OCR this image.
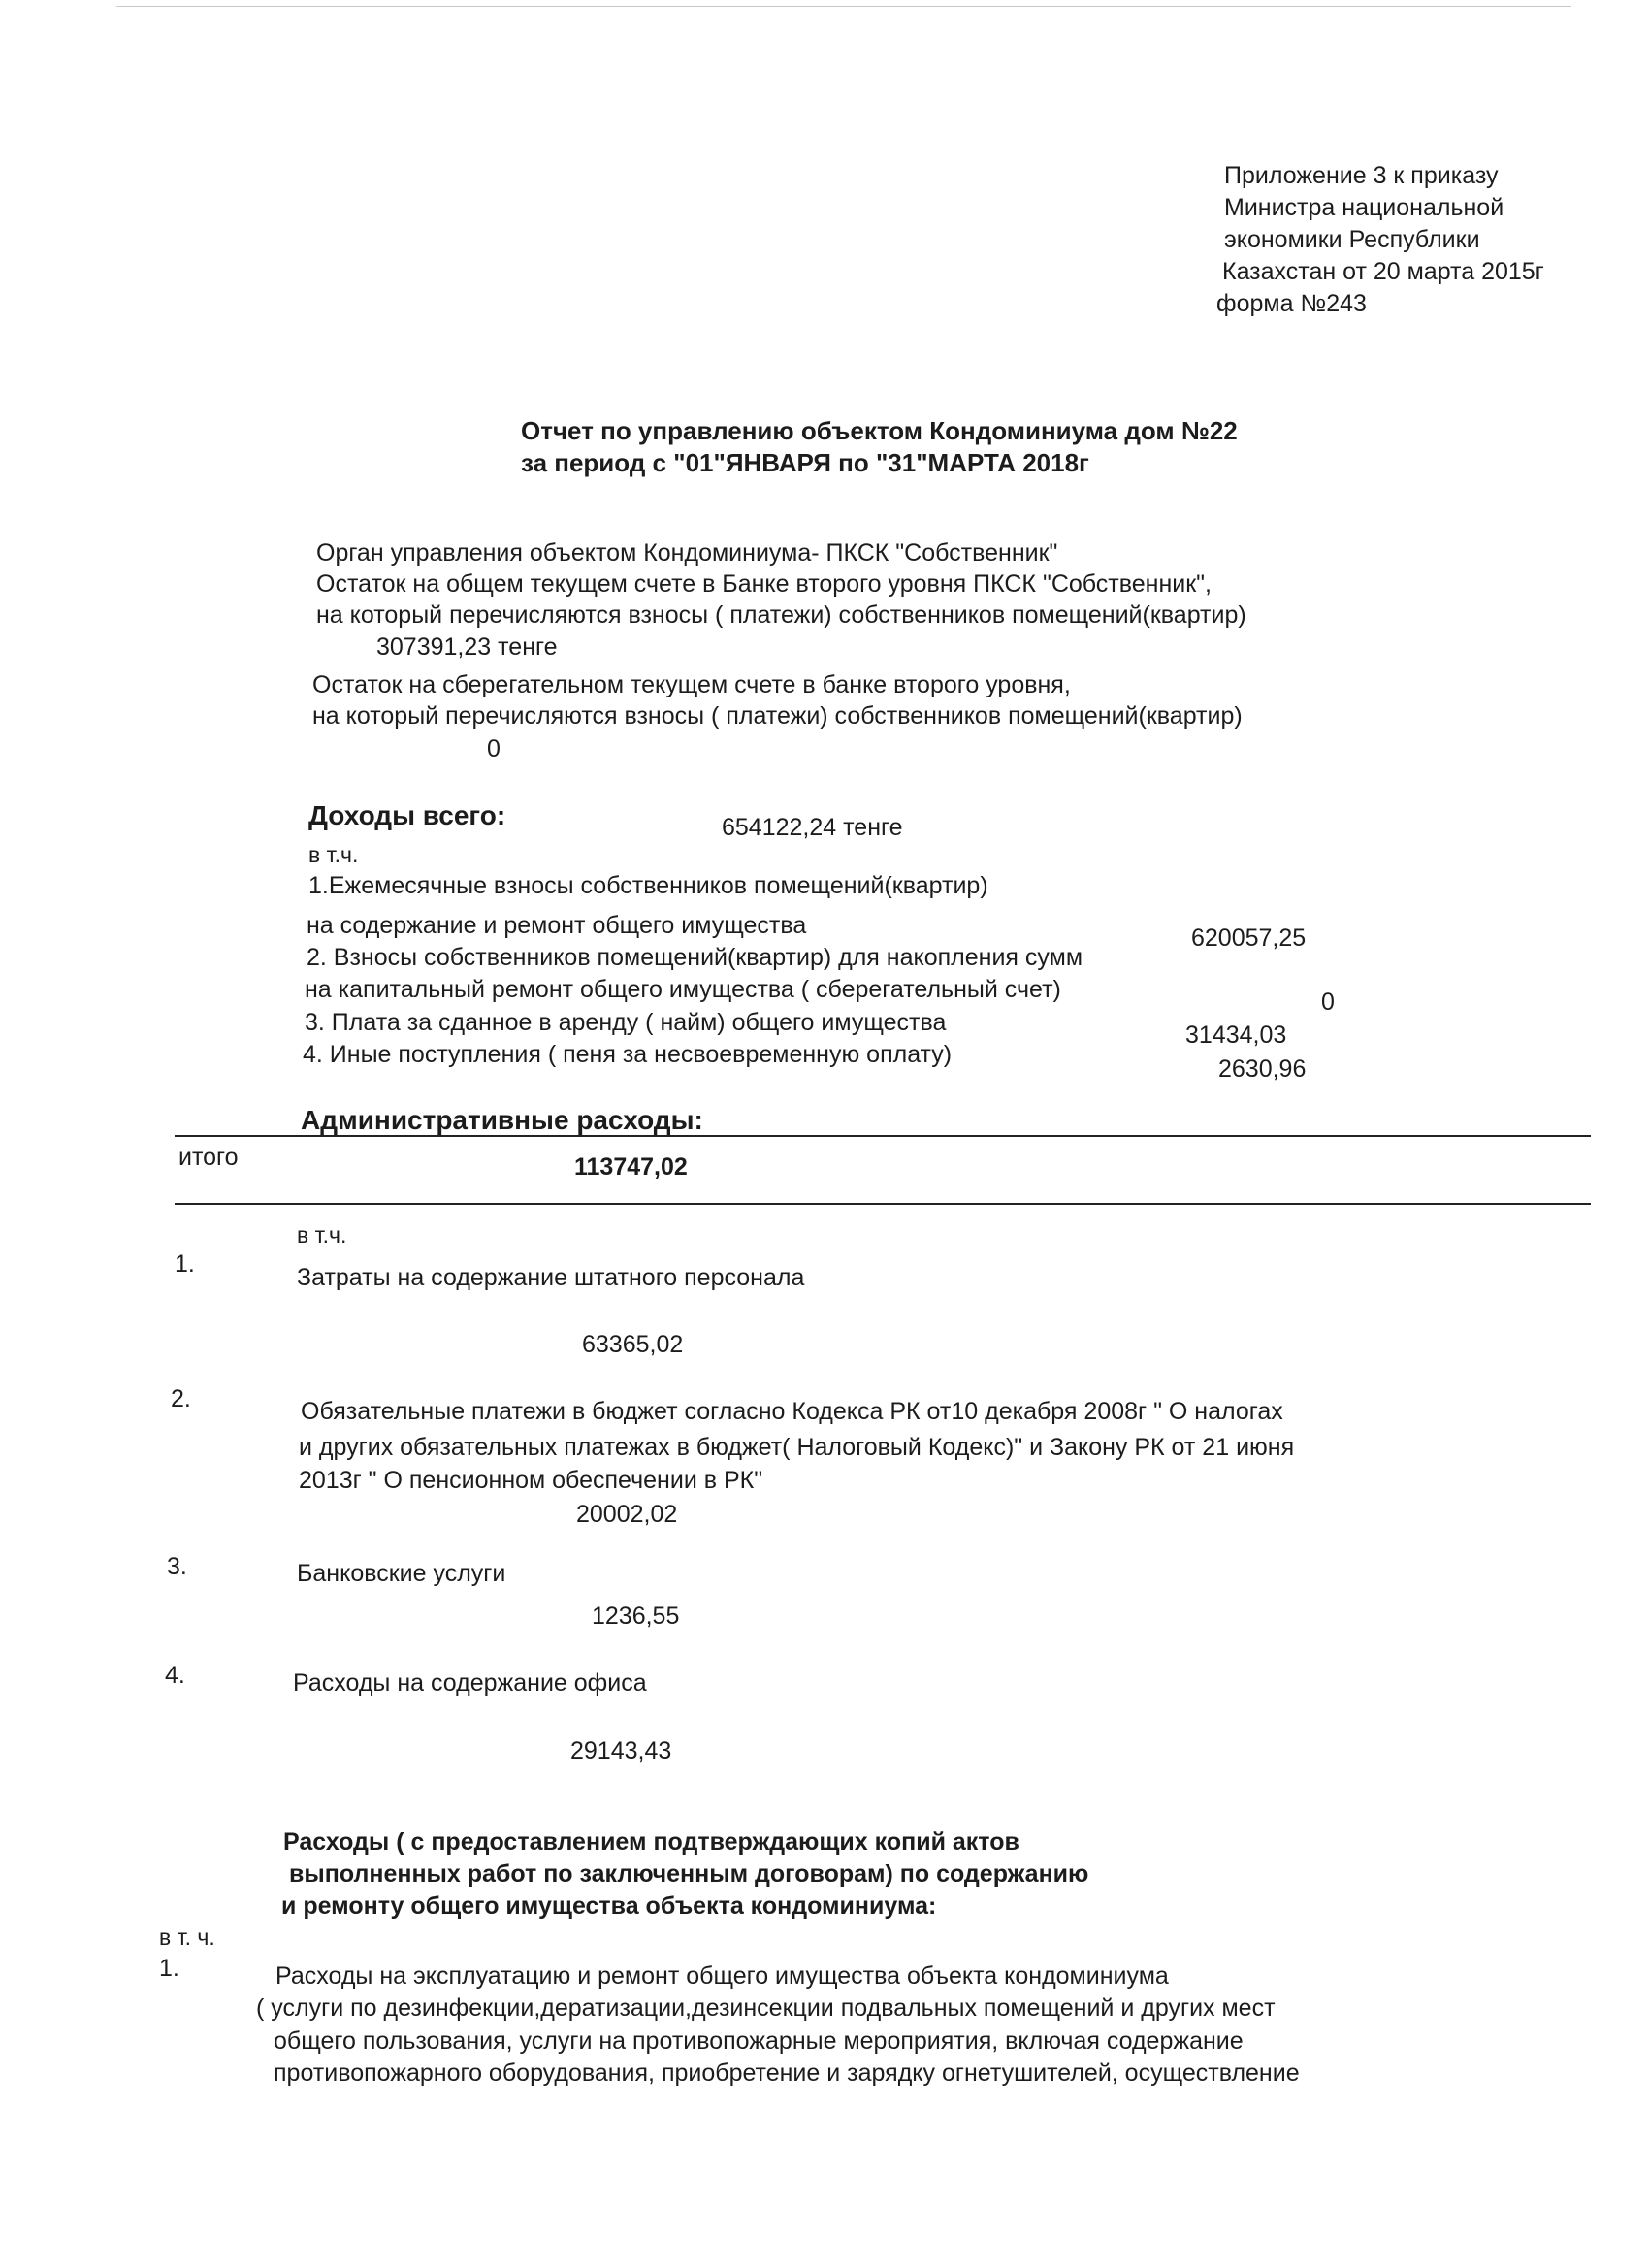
Приложение 3 к приказу
Министра национальной
экономики Республики
Казахстан от 20 марта 2015г
форма №243
Отчет по управлению объектом Кондоминиума дом №22
за период с "01"ЯНВАРЯ по "31"МАРТА 2018г
Орган управления объектом Кондоминиума- ПКСК "Собственник"
Остаток на общем текущем счете в Банке второго уровня ПКСК "Собственник",
на который перечисляются взносы ( платежи) собственников помещений(квартир)
307391,23 тенге
Остаток на сберегательном текущем счете в банке второго уровня,
на который перечисляются взносы ( платежи) собственников помещений(квартир)
0
Доходы всего:	654122,24 тенге
в т.ч.
1.Ежемесячные взносы собственников помещений(квартир)
на содержание и ремонт общего имущества	620057,25
2. Взносы собственников помещений(квартир) для накопления сумм
на капитальный ремонт общего имущества ( сберегательный счет)	0
3. Плата за сданное в аренду ( найм) общего имущества	31434,03
4. Иные поступления ( пеня за несвоевременную оплату)
2630,96
Административные расходы:
итого	113747,02
в т.ч.
1.	Затраты на содержание штатного персонала
63365,02
2.	Обязательные платежи в бюджет согласно Кодекса РК от10 декабря 2008г " О налогах
и других обязательных платежах в бюджет( Налоговый Кодекс)" и Закону РК от 21 июня
2013г " О пенсионном обеспечении в РК"
20002,02
3.	Банковские услуги
1236,55
4.	Расходы на содержание офиса
29143,43
Расходы ( с предоставлением подтверждающих копий актов
выполненных работ по заключенным договорам) по содержанию
и ремонту общего имущества объекта кондоминиума:
в т. ч.
1.	Расходы на эксплуатацию и ремонт общего имущества объекта кондоминиума
( услуги по дезинфекции,дератизации,дезинсекции подвальных помещений и других мест
общего пользования, услуги на противопожарные мероприятия, включая содержание
противопожарного оборудования, приобретение и зарядку огнетушителей, осуществление
